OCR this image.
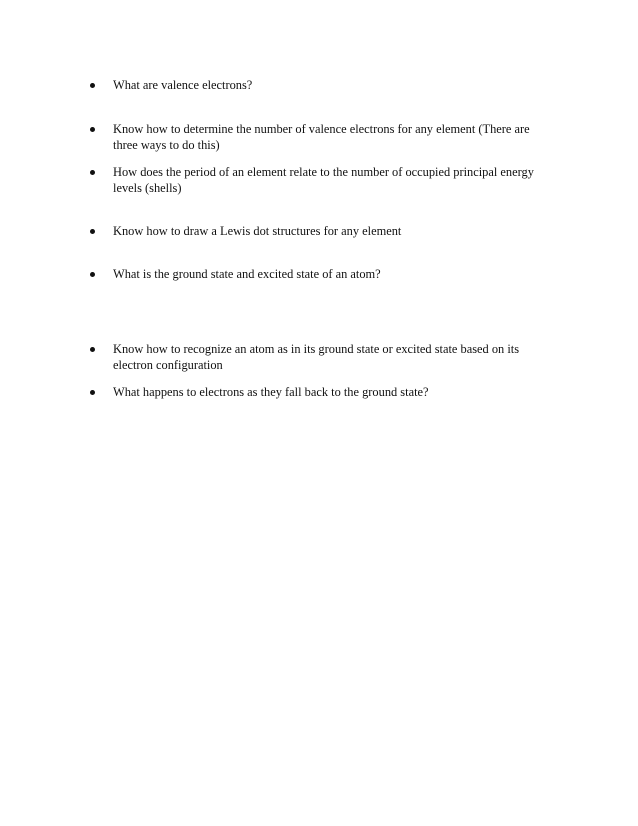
What are valence electrons?
Know how to determine the number of valence electrons for any element (There are three ways to do this)
How does the period of an element relate to the number of occupied principal energy levels (shells)
Know how to draw a Lewis dot structures for any element
What is the ground state and excited state of an atom?
Know how to recognize an atom as in its ground state or excited state based on its electron configuration
What happens to electrons as they fall back to the ground state?
